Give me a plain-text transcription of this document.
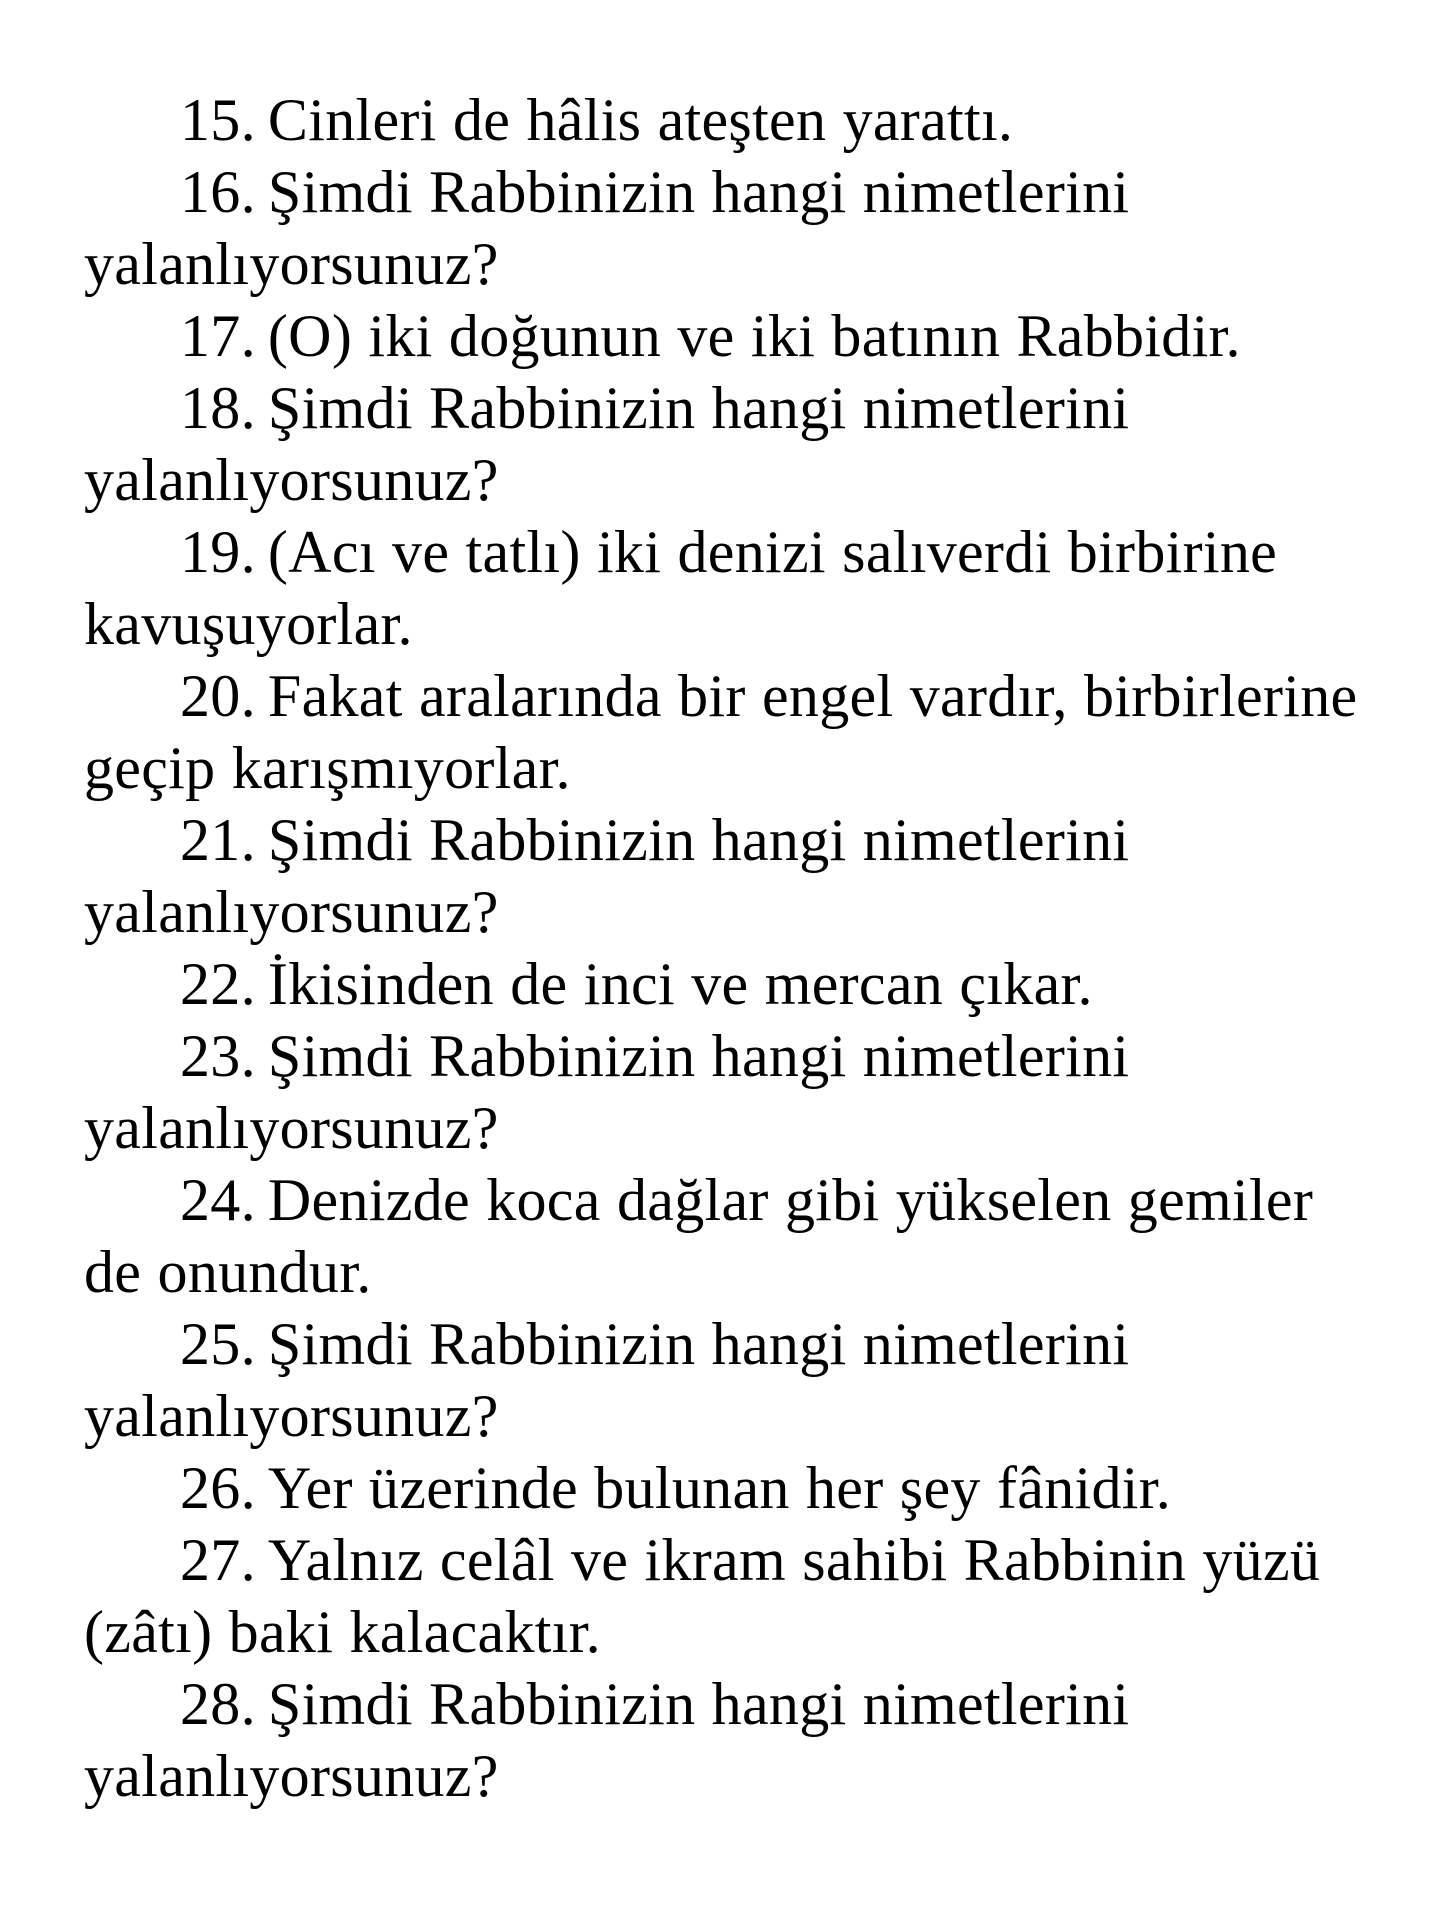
15. Cinleri de hâlis ateşten yarattı.

16. Şimdi Rabbinizin hangi nimetlerini yalanlıyorsunuz?

17. (O) iki doğunun ve iki batının Rabbidir.

18. Şimdi Rabbinizin hangi nimetlerini yalanlıyorsunuz?

19. (Acı ve tatlı) iki denizi salıverdi birbirine kavuşuyorlar.

20. Fakat aralarında bir engel vardır, birbirlerine geçip karışmıyorlar.

21. Şimdi Rabbinizin hangi nimetlerini yalanlıyorsunuz?

22. İkisinden de inci ve mercan çıkar.

23. Şimdi Rabbinizin hangi nimetlerini yalanlıyorsunuz?

24. Denizde koca dağlar gibi yükselen gemiler de onundur.

25. Şimdi Rabbinizin hangi nimetlerini yalanlıyorsunuz?

26. Yer üzerinde bulunan her şey fânidir.

27. Yalnız celâl ve ikram sahibi Rabbinin yüzü (zâtı) baki kalacaktır.

28. Şimdi Rabbinizin hangi nimetlerini yalanlıyorsunuz?
